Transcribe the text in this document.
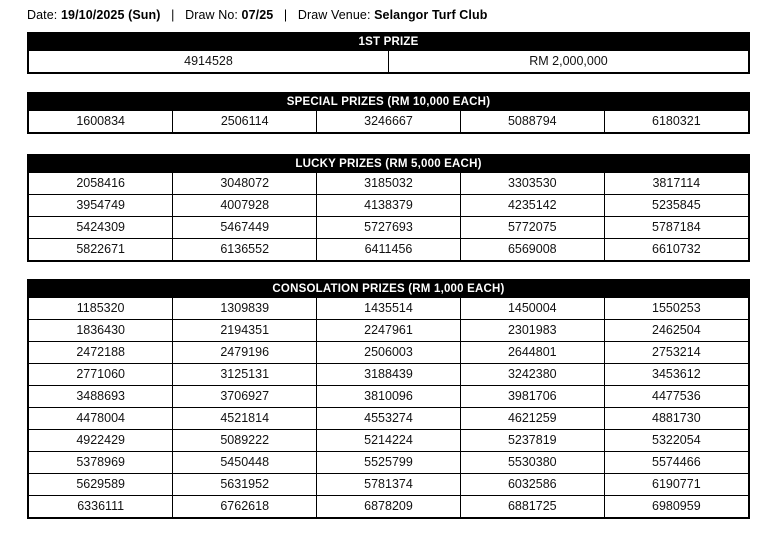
Date: 19/10/2025 (Sun) | Draw No: 07/25 | Draw Venue: Selangor Turf Club
1ST PRIZE
4914528	RM 2,000,000
SPECIAL PRIZES (RM 10,000 EACH)
1600834	2506114	3246667	5088794	6180321
LUCKY PRIZES (RM 5,000 EACH)
2058416	3048072	3185032	3303530	3817114
3954749	4007928	4138379	4235142	5235845
5424309	5467449	5727693	5772075	5787184
5822671	6136552	6411456	6569008	6610732
CONSOLATION PRIZES (RM 1,000 EACH)
1185320	1309839	1435514	1450004	1550253
1836430	2194351	2247961	2301983	2462504
2472188	2479196	2506003	2644801	2753214
2771060	3125131	3188439	3242380	3453612
3488693	3706927	3810096	3981706	4477536
4478004	4521814	4553274	4621259	4881730
4922429	5089222	5214224	5237819	5322054
5378969	5450448	5525799	5530380	5574466
5629589	5631952	5781374	6032586	6190771
6336111	6762618	6878209	6881725	6980959
